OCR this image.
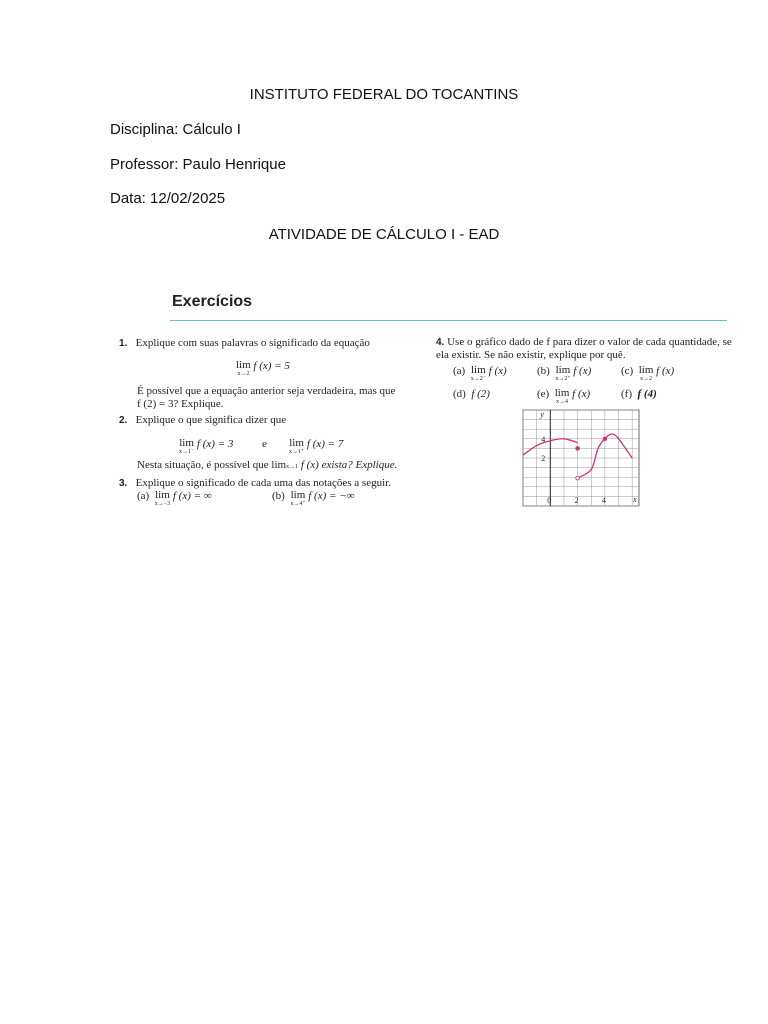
INSTITUTO FEDERAL DO TOCANTINS
Disciplina: Cálculo I
Professor: Paulo Henrique
Data: 12/02/2025
ATIVIDADE DE CÁLCULO I - EAD
Exercícios
1. Explique com suas palavras o significado da equação
lim
x→2
f (x) = 5
É possível que a equação anterior seja verdadeira, mas que
f (2) = 3? Explique.
2. Explique o que significa dizer que
lim
x→1⁻
f (x) = 3	e lim
x→1⁺
f (x) = 7
Nesta situação, é possível que limx→1 f (x) exista? Explique.
3. Explique o significado de cada uma das notações a seguir.
(a) lim
x→−3
f (x) = ∞	(b) lim
x→4⁺
f (x) = −∞
4. Use o gráfico dado de f para dizer o valor de cada quantidade, se
ela existir. Se não existir, explique por quê.
(a) lim
x→2⁻
f (x)	(b) lim
x→2⁺
f (x)	(c) lim
x→2
f (x)
(d) f (2)	(e) lim
x→4
f (x)	(f) f (4)
y
x
0	2	4
2
4
